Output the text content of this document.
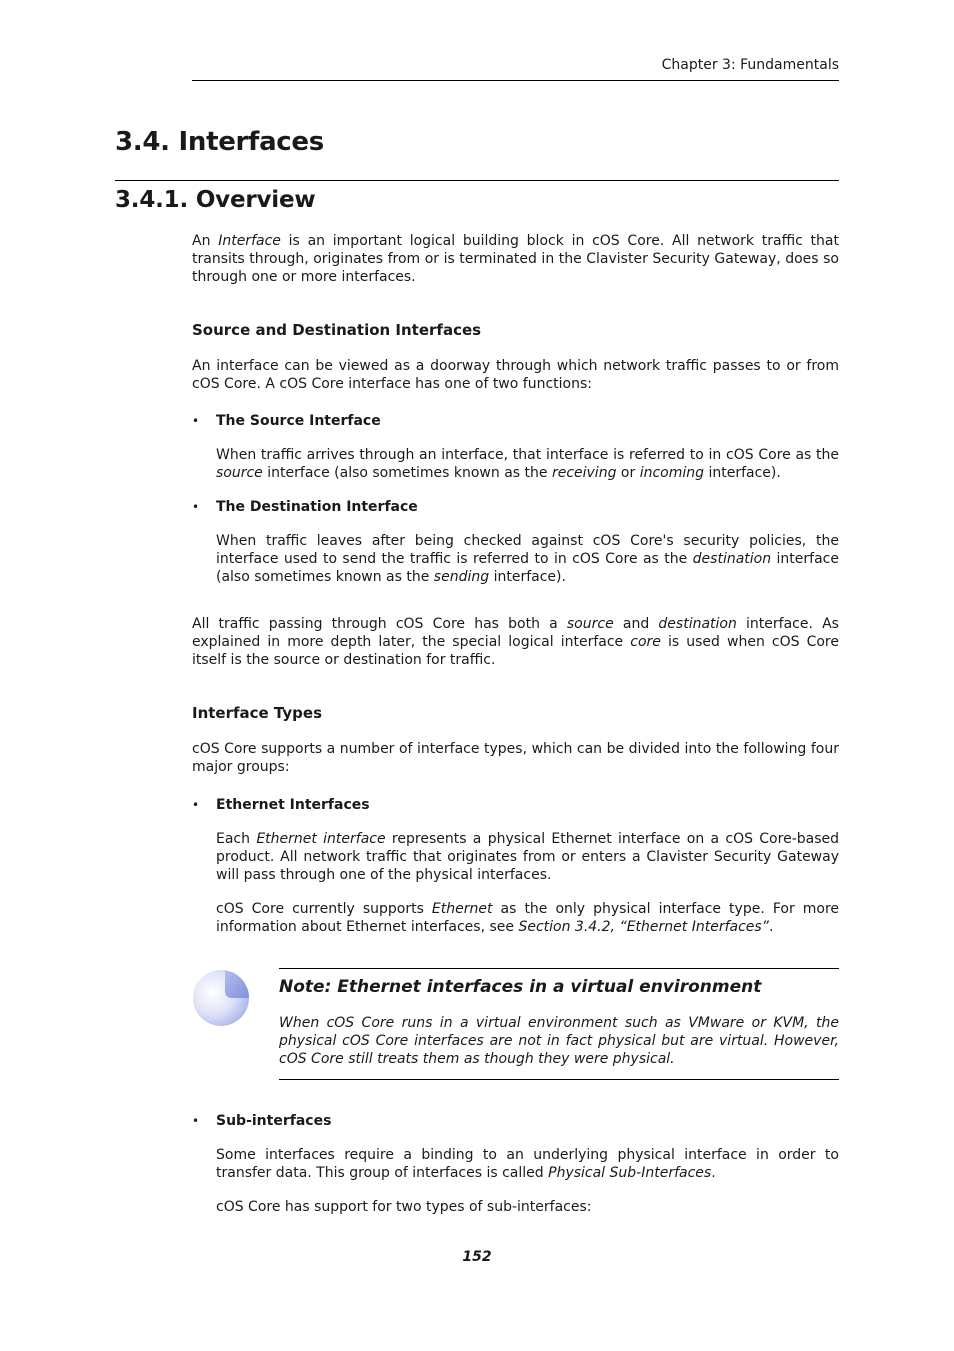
Chapter 3: Fundamentals
3.4. Interfaces
3.4.1. Overview

An Interface is an important logical building block in cOS Core. All network traffic that transits through, originates from or is terminated in the Clavister Security Gateway, does so through one or more interfaces.

Source and Destination Interfaces

An interface can be viewed as a doorway through which network traffic passes to or from cOS Core. A cOS Core interface has one of two functions:

•	The Source Interface

When traffic arrives through an interface, that interface is referred to in cOS Core as the source interface (also sometimes known as the receiving or incoming interface).

•	The Destination Interface

When traffic leaves after being checked against cOS Core's security policies, the interface used to send the traffic is referred to in cOS Core as the destination interface (also sometimes known as the sending interface).

All traffic passing through cOS Core has both a source and destination interface. As explained in more depth later, the special logical interface core is used when cOS Core itself is the source or destination for traffic.

Interface Types

cOS Core supports a number of interface types, which can be divided into the following four major groups:

•	Ethernet Interfaces

Each Ethernet interface represents a physical Ethernet interface on a cOS Core-based product. All network traffic that originates from or enters a Clavister Security Gateway will pass through one of the physical interfaces.

cOS Core currently supports Ethernet as the only physical interface type. For more information about Ethernet interfaces, see Section 3.4.2, “Ethernet Interfaces”.

Note: Ethernet interfaces in a virtual environment

When cOS Core runs in a virtual environment such as VMware or KVM, the physical cOS Core interfaces are not in fact physical but are virtual. However, cOS Core still treats them as though they were physical.

•	Sub-interfaces

Some interfaces require a binding to an underlying physical interface in order to transfer data. This group of interfaces is called Physical Sub-Interfaces.

cOS Core has support for two types of sub-interfaces:

152
